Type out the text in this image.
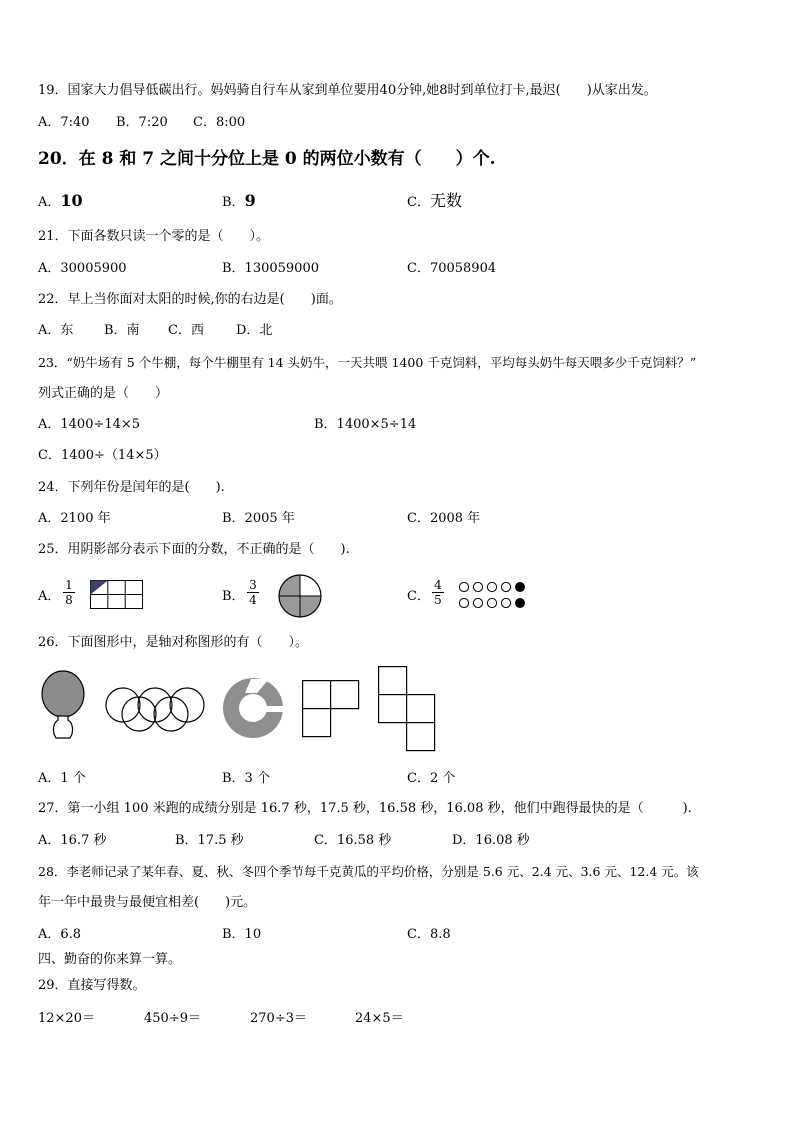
19．国家大力倡导低碳出行。妈妈骑自行车从家到单位要用40分钟,她8时到单位打卡,最迟(　　)从家出发。
A．7:40 B．7:20 C．8:00
20．在 8 和 7 之间十分位上是 0 的两位小数有（　　）个.
A．10	B．9	C．无数
21．下面各数只读一个零的是（　　）。
A．30005900	B．130059000	C．70058904
22．早上当你面对太阳的时候,你的右边是(　　)面。
A．东 B．南 C．西 D．北
23．“奶牛场有 5 个牛棚，每个牛棚里有 14 头奶牛，一天共喂 1400 千克饲料，平均每头奶牛每天喂多少千克饲料？”
列式正确的是（　　）
A．1400÷14×5	B．1400×5÷14
C．1400÷（14×5）
24．下列年份是闰年的是(　　).
A．2100 年	B．2005 年	C．2008 年
25．用阴影部分表示下面的分数，不正确的是（　　).
A． $\frac{1}{8}$	B． $\frac{3}{4}$	C． $\frac{4}{5}$
26．下面图形中，是轴对称图形的有（　　）。
A．1 个	B．3 个	C．2 个
27．第一小组 100 米跑的成绩分别是 16.7 秒，17.5 秒，16.58 秒，16.08 秒，他们中跑得最快的是（　　　).
A．16.7 秒	B．17.5 秒	C．16.58 秒	D．16.08 秒
28．李老师记录了某年春、夏、秋、冬四个季节每千克黄瓜的平均价格，分别是 5.6 元、2.4 元、3.6 元、12.4 元。该
年一年中最贵与最便宜相差(　　)元。
A．6.8	B．10	C．8.8
四、勤奋的你来算一算。
29．直接写得数。
12×20＝	450÷9＝	270÷3＝	24×5＝
